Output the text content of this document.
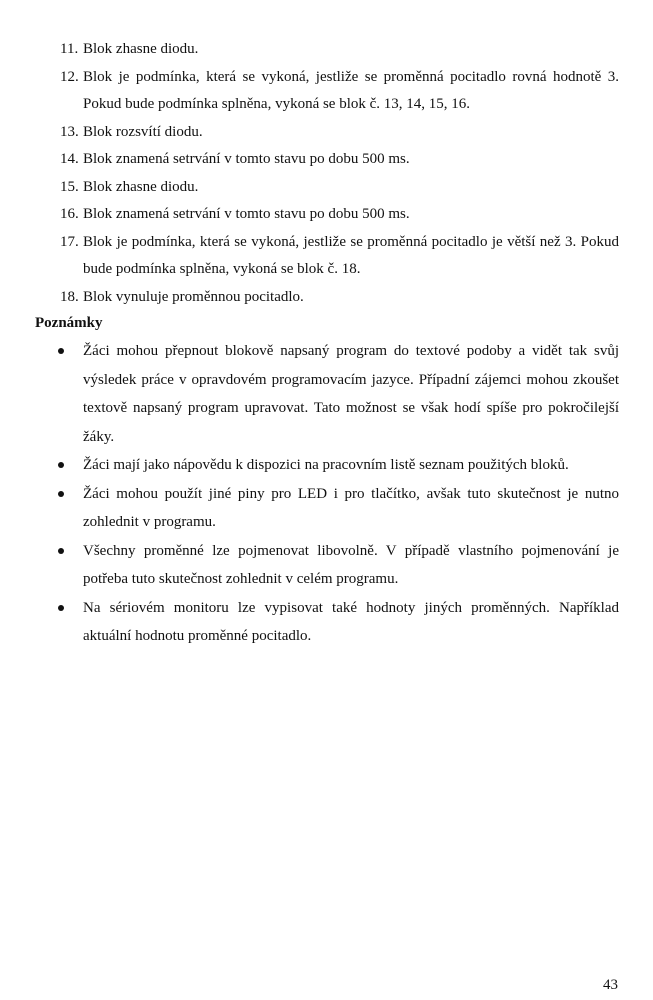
11. Blok zhasne diodu.
12. Blok je podmínka, která se vykoná, jestliže se proměnná pocitadlo rovná hodnotě 3. Pokud bude podmínka splněna, vykoná se blok č. 13, 14, 15, 16.
13. Blok rozsvítí diodu.
14. Blok znamená setrvání v tomto stavu po dobu 500 ms.
15. Blok zhasne diodu.
16. Blok znamená setrvání v tomto stavu po dobu 500 ms.
17. Blok je podmínka, která se vykoná, jestliže se proměnná pocitadlo je větší než 3. Pokud bude podmínka splněna, vykoná se blok č. 18.
18. Blok vynuluje proměnnou pocitadlo.
Poznámky
Žáci mohou přepnout blokově napsaný program do textové podoby a vidět tak svůj výsledek práce v opravdovém programovacím jazyce. Případní zájemci mohou zkoušet textově napsaný program upravovat. Tato možnost se však hodí spíše pro pokročilejší žáky.
Žáci mají jako nápovědu k dispozici na pracovním listě seznam použitých bloků.
Žáci mohou použít jiné piny pro LED i pro tlačítko, avšak tuto skutečnost je nutno zohlednit v programu.
Všechny proměnné lze pojmenovat libovolně. V případě vlastního pojmenování je potřeba tuto skutečnost zohlednit v celém programu.
Na sériovém monitoru lze vypisovat také hodnoty jiných proměnných. Například aktuální hodnotu proměnné pocitadlo.
43
